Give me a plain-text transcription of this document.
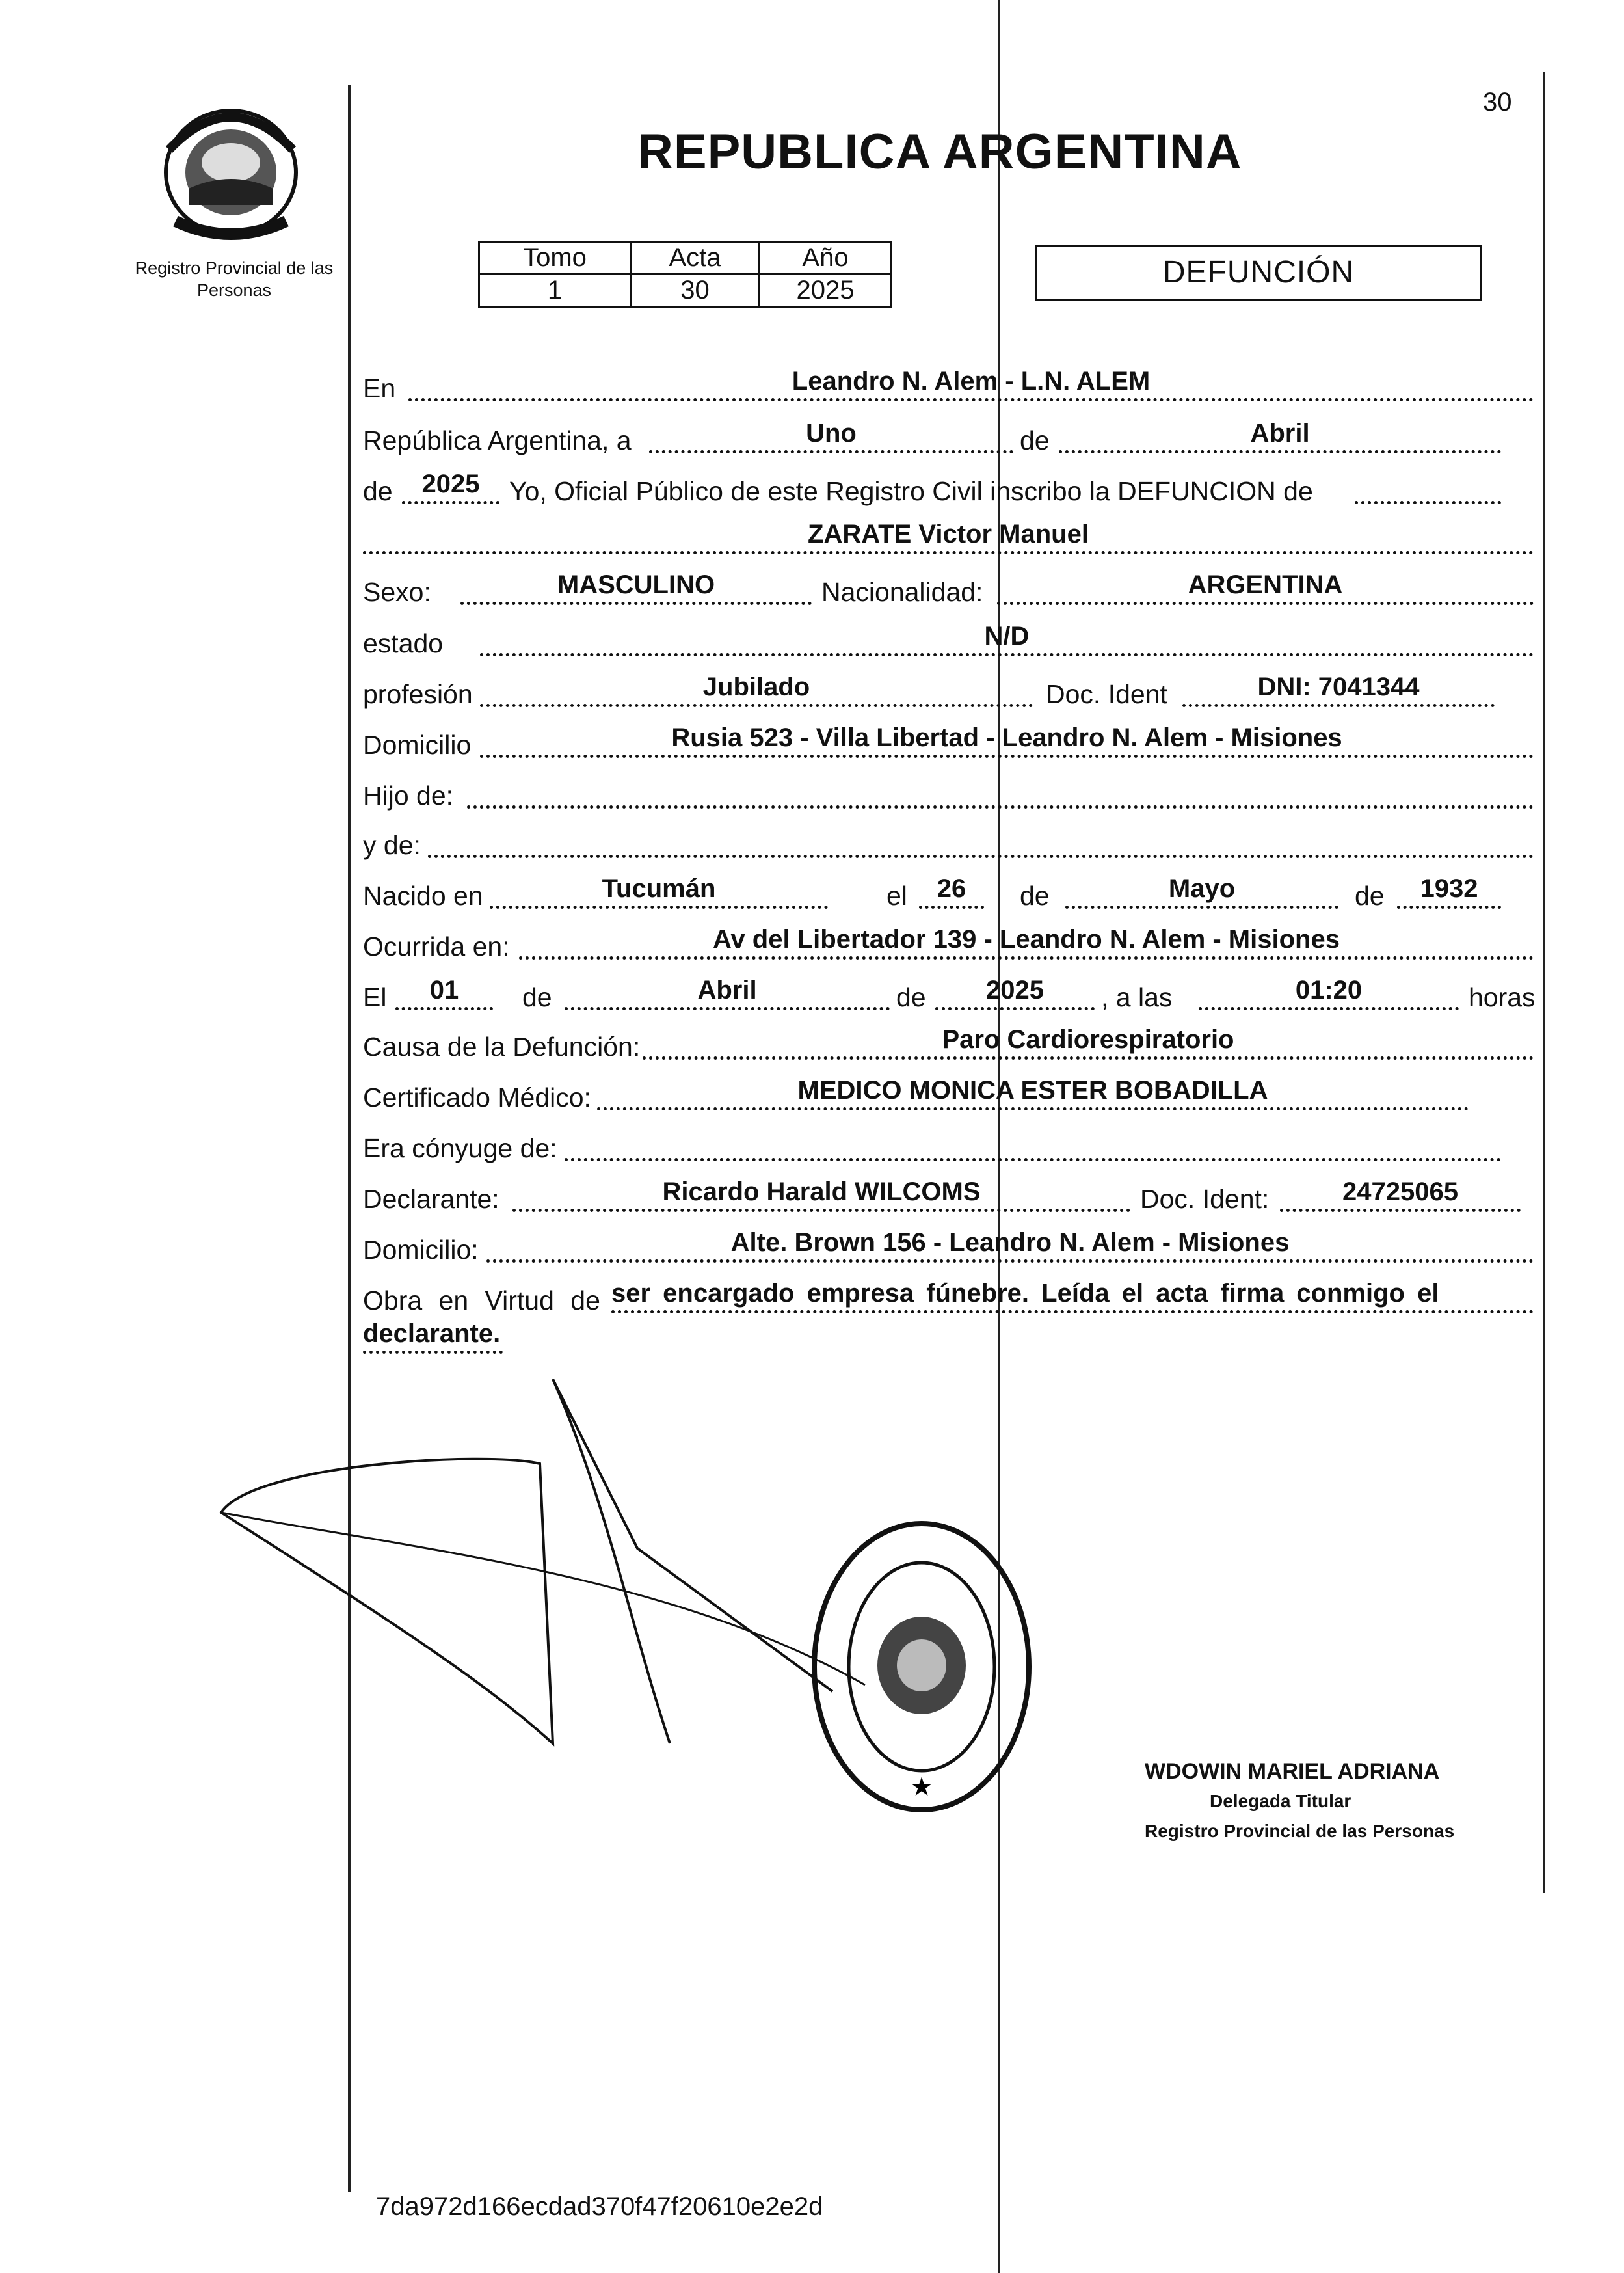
Registro Provincial de las Personas
REPUBLICA ARGENTINA
30
Tomo	Acta	Año
1	30	2025
DEFUNCIÓN
En	Leandro N. Alem - L.N. ALEM
República Argentina, a	Uno	de	Abril
de	2025	Yo, Oficial Público de este Registro Civil inscribo la DEFUNCION de
ZARATE Victor Manuel
Sexo:	MASCULINO	Nacionalidad:	ARGENTINA
estado	N/D
profesión	Jubilado	Doc. Ident	DNI: 7041344
Domicilio	Rusia 523 - Villa Libertad - Leandro N. Alem - Misiones
Hijo de:
y de:
Nacido en	Tucumán	el	26	de	Mayo	de	1932
Ocurrida en:	Av del Libertador 139 - Leandro N. Alem - Misiones
El	01	de	Abril	de	2025	, a las	01:20	horas
Causa de la Defunción:	Paro Cardiorespiratorio
Certificado Médico:	MEDICO MONICA ESTER BOBADILLA
Era cónyuge de:
Declarante:	Ricardo Harald WILCOMS	Doc. Ident:	24725065
Domicilio:	Alte. Brown 156 - Leandro N. Alem - Misiones
Obra en Virtud de ser encargado empresa fúnebre. Leída el acta firma conmigo el
declarante.
★
WDOWIN MARIEL ADRIANA
Delegada Titular
Registro Provincial de las Personas
7da972d166ecdad370f47f20610e2e2d
